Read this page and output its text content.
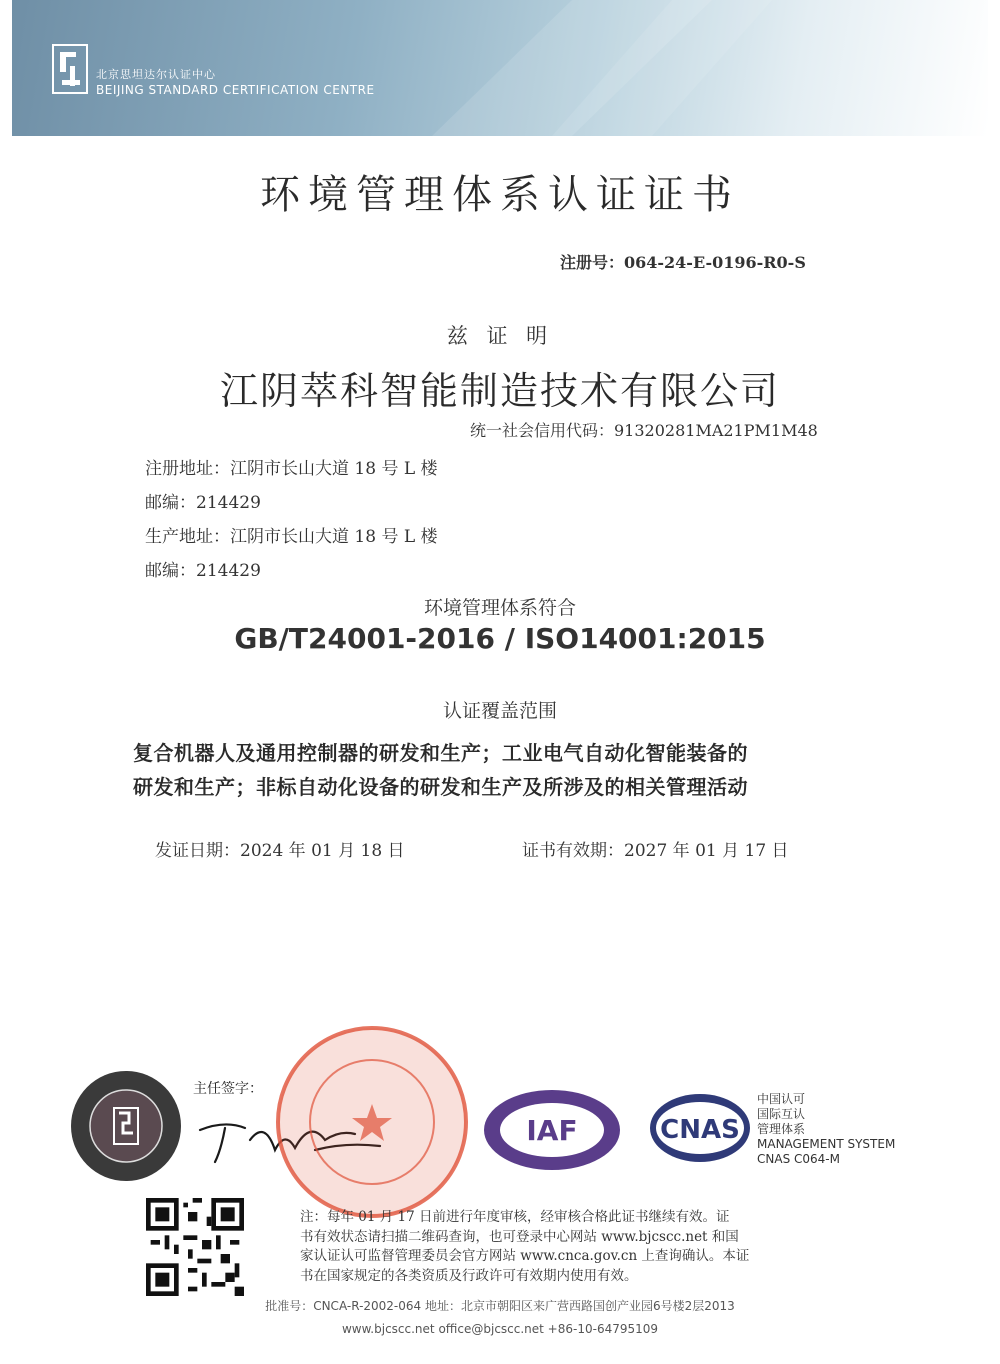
北京思坦达尔认证中心
BEIJING STANDARD CERTIFICATION CENTRE
环境管理体系认证证书
注册号：064-24-E-0196-R0-S
兹 证 明
江阴萃科智能制造技术有限公司
统一社会信用代码：91320281MA21PM1M48
注册地址：江阴市长山大道 18 号 L 楼
邮编：214429
生产地址：江阴市长山大道 18 号 L 楼
邮编：214429
环境管理体系符合
GB/T24001-2016 / ISO14001:2015
认证覆盖范围
复合机器人及通用控制器的研发和生产；工业电气自动化智能装备的
研发和生产；非标自动化设备的研发和生产及所涉及的相关管理活动
发证日期：2024 年 01 月 18 日	证书有效期：2027 年 01 月 17 日
主任签字：
IAF	CNAS
中国认可
国际互认
管理体系
MANAGEMENT SYSTEM
CNAS C064-M
注：每年 01 月 17 日前进行年度审核，经审核合格此证书继续有效。证
书有效状态请扫描二维码查询，也可登录中心网站 www.bjcscc.net 和国
家认证认可监督管理委员会官方网站 www.cnca.gov.cn 上查询确认。本证
书在国家规定的各类资质及行政许可有效期内使用有效。
批准号：CNCA-R-2002-064 地址：北京市朝阳区来广营西路国创产业园6号楼2层2013
www.bjcscc.net office@bjcscc.net +86-10-64795109
